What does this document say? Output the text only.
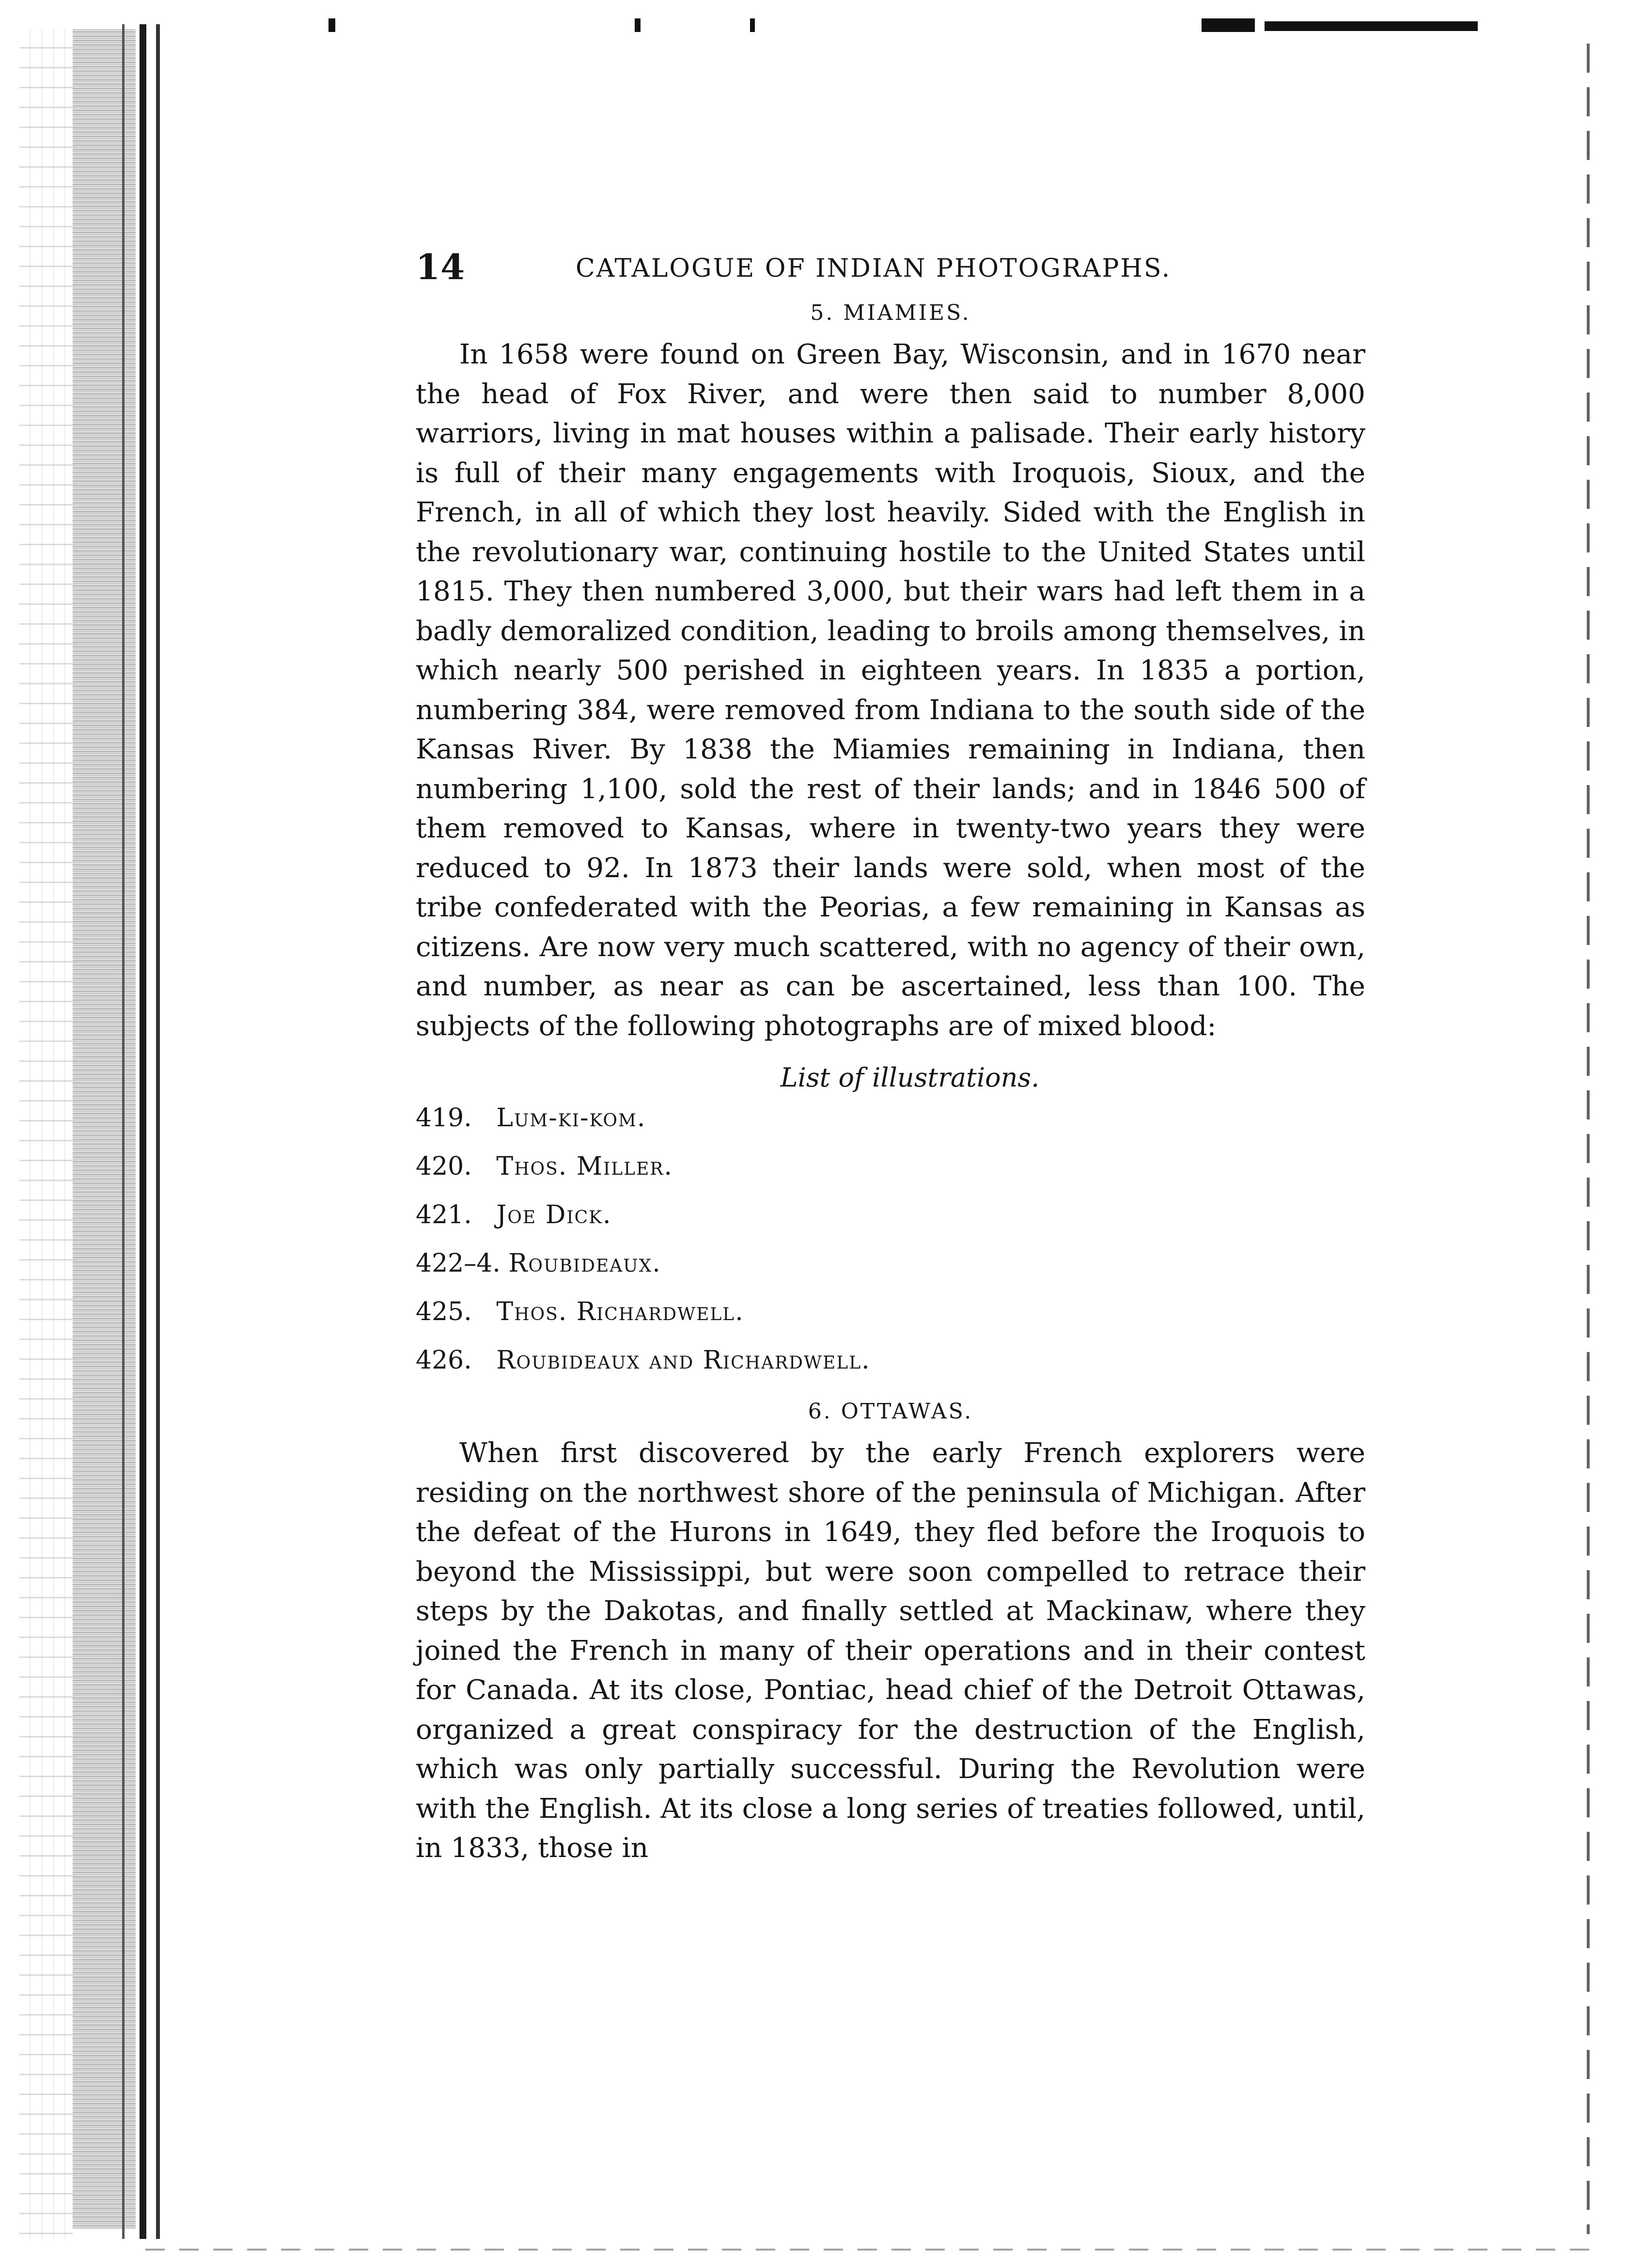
14	CATALOGUE OF INDIAN PHOTOGRAPHS.
5. MIAMIES.

In 1658 were found on Green Bay, Wisconsin, and in 1670 near the head of Fox River, and were then said to number 8,000 warriors, living in mat houses within a palisade. Their early history is full of their many engagements with Iroquois, Sioux, and the French, in all of which they lost heavily. Sided with the English in the revolutionary war, continuing hostile to the United States until 1815. They then numbered 3,000, but their wars had left them in a badly demoralized condition, leading to broils among themselves, in which nearly 500 perished in eighteen years. In 1835 a portion, numbering 384, were removed from Indiana to the south side of the Kansas River. By 1838 the Miamies remaining in Indiana, then numbering 1,100, sold the rest of their lands; and in 1846 500 of them removed to Kansas, where in twenty-two years they were reduced to 92. In 1873 their lands were sold, when most of the tribe confederated with the Peorias, a few remaining in Kansas as citizens. Are now very much scattered, with no agency of their own, and number, as near as can be ascertained, less than 100. The subjects of the following photographs are of mixed blood:

List of illustrations.
419. Lum-ki-kom.
420. Thos. Miller.
421. Joe Dick.
422–4. Roubideaux.
425. Thos. Richardwell.
426. Roubideaux and Richardwell.
6. OTTAWAS.

When first discovered by the early French explorers were residing on the northwest shore of the peninsula of Michigan. After the defeat of the Hurons in 1649, they fled before the Iroquois to beyond the Mississippi, but were soon compelled to retrace their steps by the Dakotas, and finally settled at Mackinaw, where they joined the French in many of their operations and in their contest for Canada. At its close, Pontiac, head chief of the Detroit Ottawas, organized a great conspiracy for the destruction of the English, which was only partially successful. During the Revolution were with the English. At its close a long series of treaties followed, until, in 1833, those in
